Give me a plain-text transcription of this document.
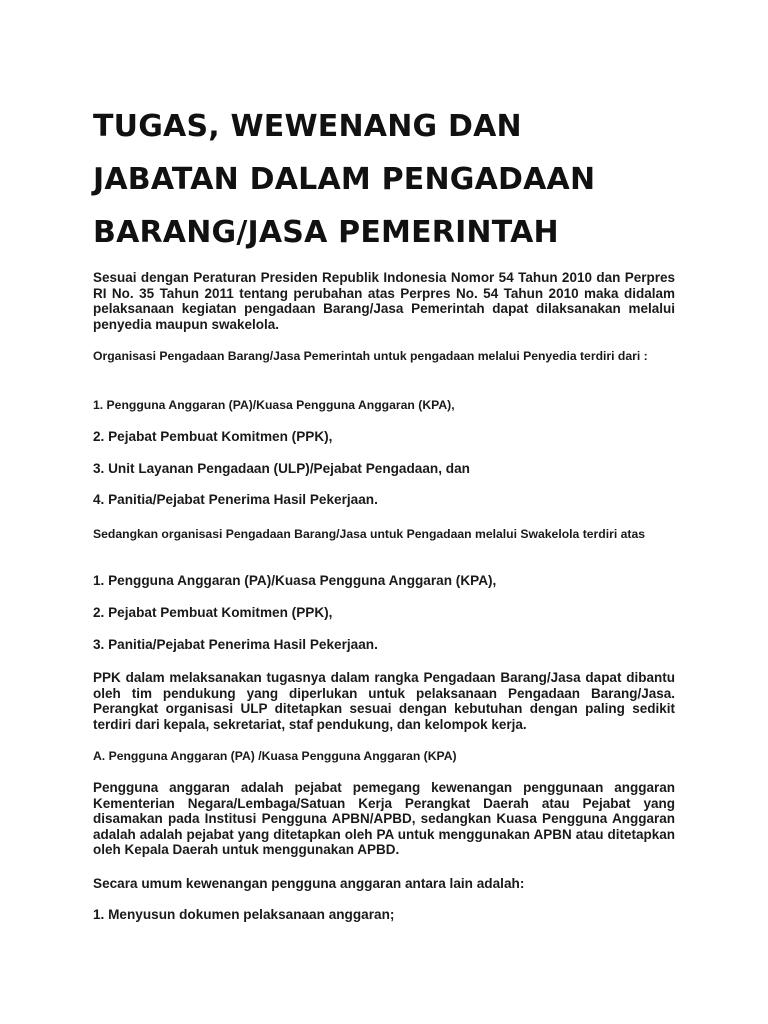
TUGAS, WEWENANG DAN
JABATAN DALAM PENGADAAN
BARANG/JASA PEMERINTAH

Sesuai dengan Peraturan Presiden Republik Indonesia Nomor 54 Tahun 2010 dan Perpres RI No. 35 Tahun 2011 tentang perubahan atas Perpres No. 54 Tahun 2010 maka didalam pelaksanaan kegiatan pengadaan Barang/Jasa Pemerintah dapat dilaksanakan melalui penyedia maupun swakelola.

Organisasi Pengadaan Barang/Jasa Pemerintah untuk pengadaan melalui Penyedia terdiri dari :

1. Pengguna Anggaran (PA)/Kuasa Pengguna Anggaran (KPA),

2. Pejabat Pembuat Komitmen (PPK),

3. Unit Layanan Pengadaan (ULP)/Pejabat Pengadaan, dan

4. Panitia/Pejabat Penerima Hasil Pekerjaan.

Sedangkan organisasi Pengadaan Barang/Jasa untuk Pengadaan melalui Swakelola terdiri atas

1. Pengguna Anggaran (PA)/Kuasa Pengguna Anggaran (KPA),

2. Pejabat Pembuat Komitmen (PPK),

3. Panitia/Pejabat Penerima Hasil Pekerjaan.

PPK dalam melaksanakan tugasnya dalam rangka Pengadaan Barang/Jasa dapat dibantu oleh tim pendukung yang diperlukan untuk pelaksanaan Pengadaan Barang/Jasa. Perangkat organisasi ULP ditetapkan sesuai dengan kebutuhan dengan paling sedikit terdiri dari kepala, sekretariat, staf pendukung, dan kelompok kerja.

A. Pengguna Anggaran (PA) /Kuasa Pengguna Anggaran (KPA)

Pengguna anggaran adalah pejabat pemegang kewenangan penggunaan anggaran Kementerian Negara/Lembaga/Satuan Kerja Perangkat Daerah atau Pejabat yang disamakan pada Institusi Pengguna APBN/APBD, sedangkan Kuasa Pengguna Anggaran adalah adalah pejabat yang ditetapkan oleh PA untuk menggunakan APBN atau ditetapkan oleh Kepala Daerah untuk menggunakan APBD.

Secara umum kewenangan pengguna anggaran antara lain adalah:

1. Menyusun dokumen pelaksanaan anggaran;
